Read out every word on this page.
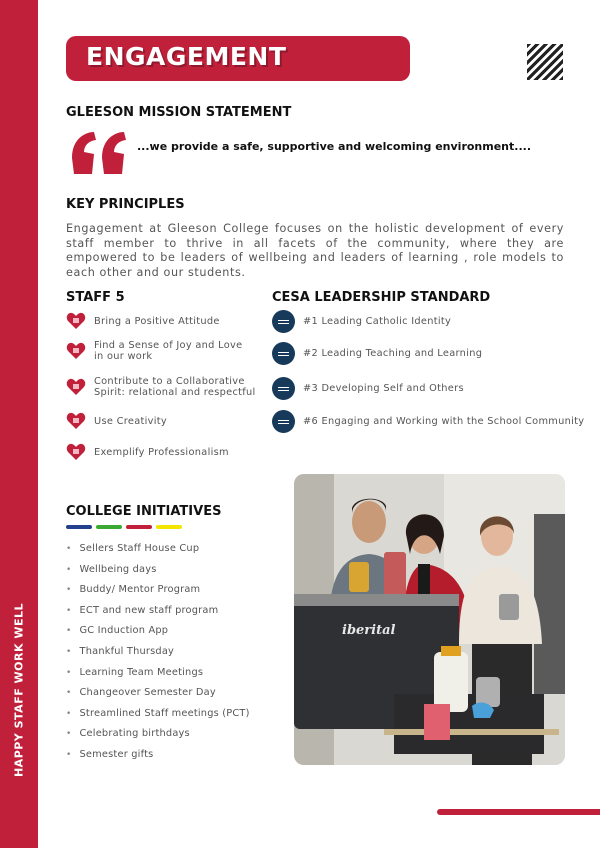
HAPPY STAFF WORK WELL
ENGAGEMENT
GLEESON MISSION STATEMENT
...we provide a safe, supportive and welcoming environment....
KEY PRINCIPLES
Engagement at Gleeson College focuses on the holistic development of every staff member to thrive in all facets of the community, where they are empowered to be leaders of wellbeing and leaders of learning , role models to each other and our students.
STAFF 5	CESA LEADERSHIP STANDARD
Bring a Positive Attitude
Find a Sense of Joy and Love
in our work
Contribute to a Collaborative
Spirit: relational and respectful
Use Creativity
Exemplify Professionalism
#1 Leading Catholic Identity
#2 Leading Teaching and Learning
#3 Developing Self and Others
#6 Engaging and Working with the School Community
COLLEGE INITIATIVES
• Sellers Staff House Cup
• Wellbeing days
• Buddy/ Mentor Program
• ECT and new staff program
• GC Induction App
• Thankful Thursday
• Learning Team Meetings
• Changeover Semester Day
• Streamlined Staff meetings (PCT)
• Celebrating birthdays
• Semester gifts
iberital
